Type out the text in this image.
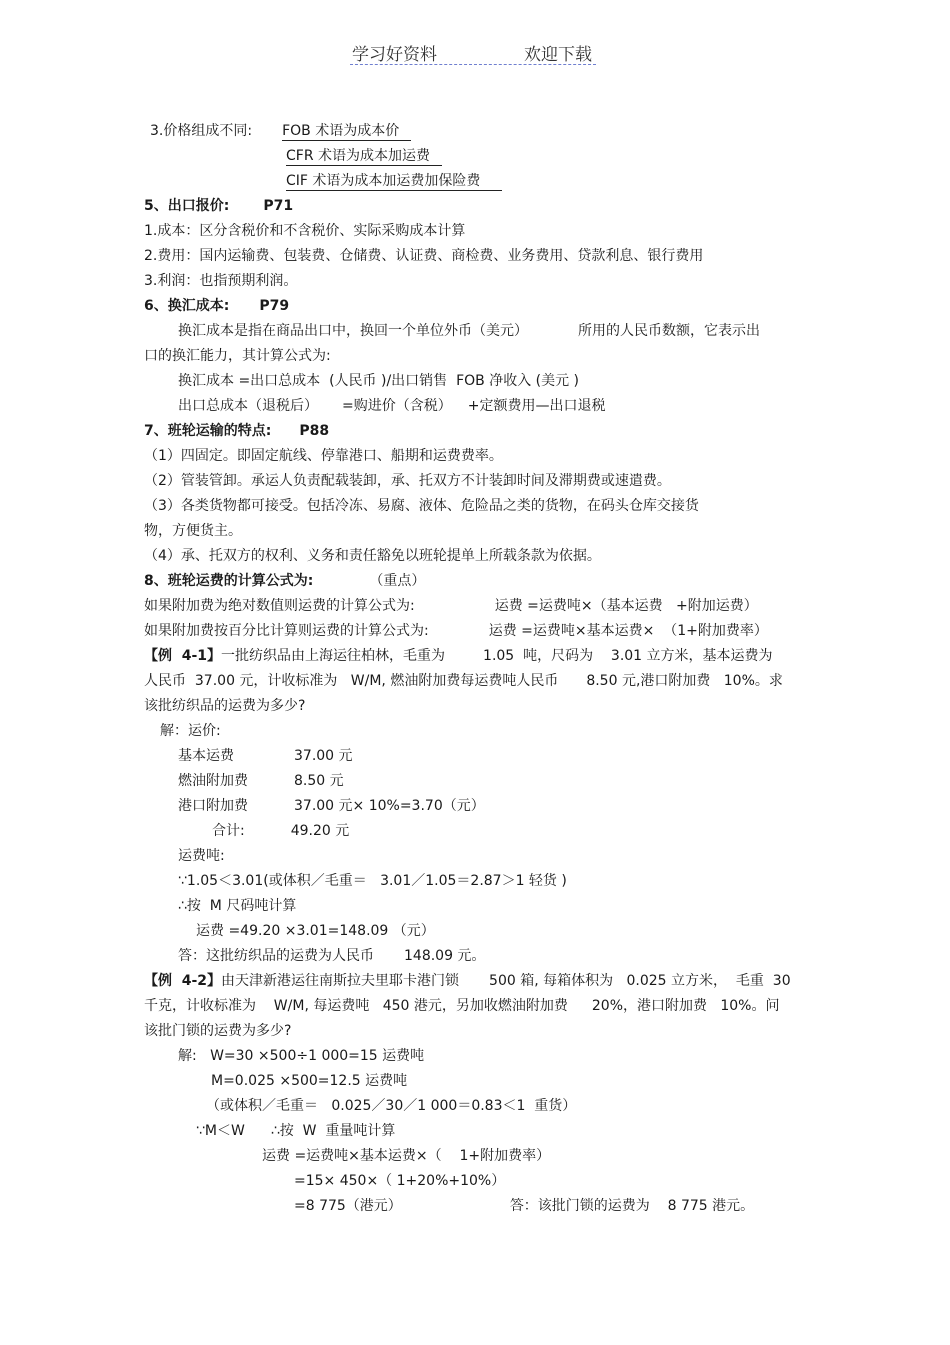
学习好资料	欢迎下载
3.价格组成不同: FOB 术语为成本价
CFR 术语为成本加运费
CIF 术语为成本加运费加保险费
5、出口报价: P71
1.成本：区分含税价和不含税价、实际采购成本计算
2.费用：国内运输费、包装费、仓储费、认证费、商检费、业务费用、贷款利息、银行费用
3.利润：也指预期利润。
6、换汇成本: P79
换汇成本是指在商品出口中，换回一个单位外币（美元）	所用的人民币数额，它表示出
口的换汇能力，其计算公式为:
换汇成本 =出口总成本  (人民币 )/出口销售  FOB 净收入 (美元 )
出口总成本（退税后） =购进价（含税） +定额费用—出口退税
7、班轮运输的特点: P88
（1）四固定。即固定航线、停靠港口、船期和运费费率。
（2）管装管卸。承运人负责配载装卸，承、托双方不计装卸时间及滞期费或速遣费。
（3）各类货物都可接受。包括冷冻、易腐、液体、危险品之类的货物，在码头仓库交接货
物，方便货主。
（4）承、托双方的权利、义务和责任豁免以班轮提单上所载条款为依据。
8、班轮运费的计算公式为:	（重点）
如果附加费为绝对数值则运费的计算公式为:	运费 =运费吨×（基本运费   +附加运费）
如果附加费按百分比计算则运费的计算公式为:	运费 =运费吨×基本运费×  （1+附加费率）
【例  4-1】一批纺织品由上海运往柏林，毛重为	1.05  吨，尺码为    3.01 立方米，基本运费为
人民币  37.00 元，计收标准为   W/M, 燃油附加费每运费吨人民币 8.50 元,港口附加费   10%。求
该批纺织品的运费为多少?
解：运价:
基本运费	37.00 元
燃油附加费	8.50 元
港口附加费	37.00 元× 10%=3.70（元）
合计:	49.20 元
运费吨:
∵1.05＜3.01(或体积／毛重＝   3.01／1.05＝2.87＞1 轻货 )
∴按  M 尺码吨计算
运费 =49.20 ×3.01=148.09 （元）
答：这批纺织品的运费为人民币 148.09 元。
【例  4-2】由天津新港运往南斯拉夫里耶卡港门锁 500 箱, 每箱体积为   0.025 立方米，  毛重  30
千克，计收标准为    W/M, 每运费吨   450 港元，另加收燃油附加费 20%，港口附加费   10%。问
该批门锁的运费为多少?
解:   W=30 ×500÷1 000=15 运费吨
M=0.025 ×500=12.5 运费吨
（或体积／毛重＝   0.025／30／1 000＝0.83＜1  重货）
∵M＜W ∴按  W  重量吨计算
运费 =运费吨×基本运费×（    1+附加费率）
=15× 450×（ 1+20%+10%）
=8 775（港元）	答：该批门锁的运费为    8 775 港元。
